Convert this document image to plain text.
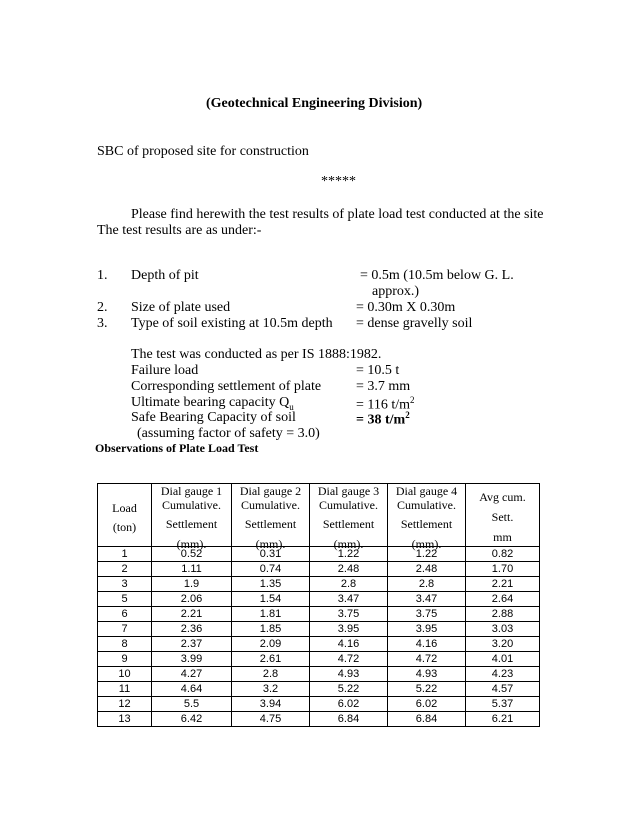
(Geotechnical Engineering Division)
SBC of proposed site for construction
*****
Please find herewith the test results of plate load test conducted at the site
The test results are as under:-
1. Depth of pit	= 0.5m (10.5m below G. L.
approx.)
2. Size of plate used	= 0.30m X 0.30m
3. Type of soil existing at 10.5m depth = dense gravelly soil
The test was conducted as per IS 1888:1982.
Failure load	= 10.5 t
Corresponding settlement of plate = 3.7 mm
Ultimate bearing capacity $Q_u$	= 116 $t/m^2$
Safe Bearing Capacity of soil	= 38 $t/m^2$
(assuming factor of safety = 3.0)
Observations of Plate Load Test
Load
(ton)	Dial gauge 1
Cumulative.
Settlement
(mm).	Dial gauge 2
Cumulative.
Settlement
(mm).	Dial gauge 3
Cumulative.
Settlement
(mm).	Dial gauge 4
Cumulative.
Settlement
(mm).	Avg cum.
Sett.
mm

1	0.52	0.31	1.22	1.22	0.82
2	1.11	0.74	2.48	2.48	1.70
3	1.9	1.35	2.8	2.8	2.21
5	2.06	1.54	3.47	3.47	2.64
6	2.21	1.81	3.75	3.75	2.88
7	2.36	1.85	3.95	3.95	3.03
8	2.37	2.09	4.16	4.16	3.20
9	3.99	2.61	4.72	4.72	4.01
10	4.27	2.8	4.93	4.93	4.23
11	4.64	3.2	5.22	5.22	4.57
12	5.5	3.94	6.02	6.02	5.37
13	6.42	4.75	6.84	6.84	6.21
